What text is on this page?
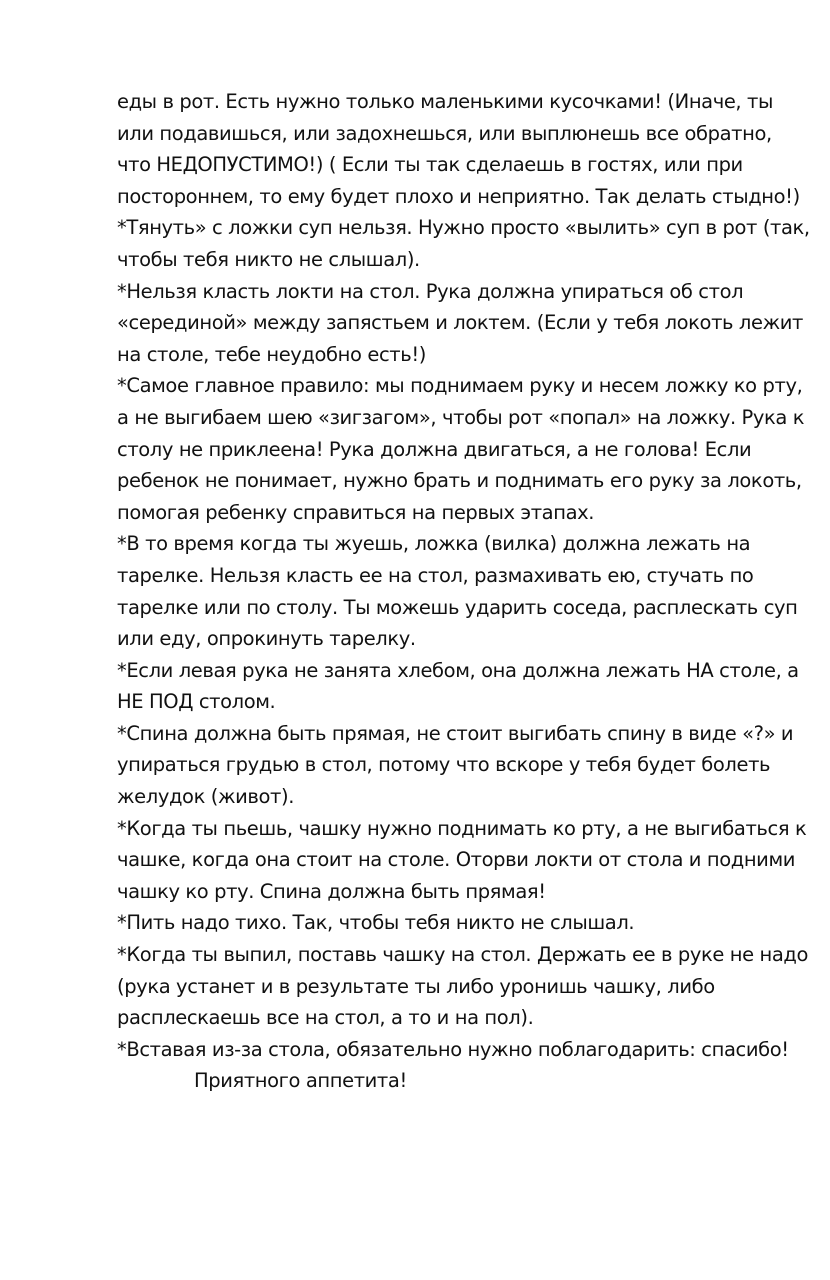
еды в рот. Есть нужно только маленькими кусочками! (Иначе, ты
или подавишься, или задохнешься, или выплюнешь все обратно,
что НЕДОПУСТИМО!) ( Если ты так сделаешь в гостях, или при
постороннем, то ему будет плохо и неприятно. Так делать стыдно!)
*Тянуть» с ложки суп нельзя. Нужно просто «вылить» суп в рот (так,
чтобы тебя никто не слышал).
*Нельзя класть локти на стол. Рука должна упираться об стол
«серединой» между запястьем и локтем. (Если у тебя локоть лежит
на столе, тебе неудобно есть!)
*Самое главное правило: мы поднимаем руку и несем ложку ко рту,
а не выгибаем шею «зигзагом», чтобы рот «попал» на ложку. Рука к
столу не приклеена! Рука должна двигаться, а не голова! Если
ребенок не понимает, нужно брать и поднимать его руку за локоть,
помогая ребенку справиться на первых этапах.
*В то время когда ты жуешь, ложка (вилка) должна лежать на
тарелке. Нельзя класть ее на стол, размахивать ею, стучать по
тарелке или по столу. Ты можешь ударить соседа, расплескать суп
или еду, опрокинуть тарелку.
*Если левая рука не занята хлебом, она должна лежать НА столе, а
НЕ ПОД столом.
*Спина должна быть прямая, не стоит выгибать спину в виде «?» и
упираться грудью в стол, потому что вскоре у тебя будет болеть
желудок (живот).
*Когда ты пьешь, чашку нужно поднимать ко рту, а не выгибаться к
чашке, когда она стоит на столе. Оторви локти от стола и подними
чашку ко рту. Спина должна быть прямая!
*Пить надо тихо. Так, чтобы тебя никто не слышал.
*Когда ты выпил, поставь чашку на стол. Держать ее в руке не надо
(рука устанет и в результате ты либо уронишь чашку, либо
расплескаешь все на стол, а то и на пол).
*Вставая из-за стола, обязательно нужно поблагодарить: спасибо!
Приятного аппетита!
